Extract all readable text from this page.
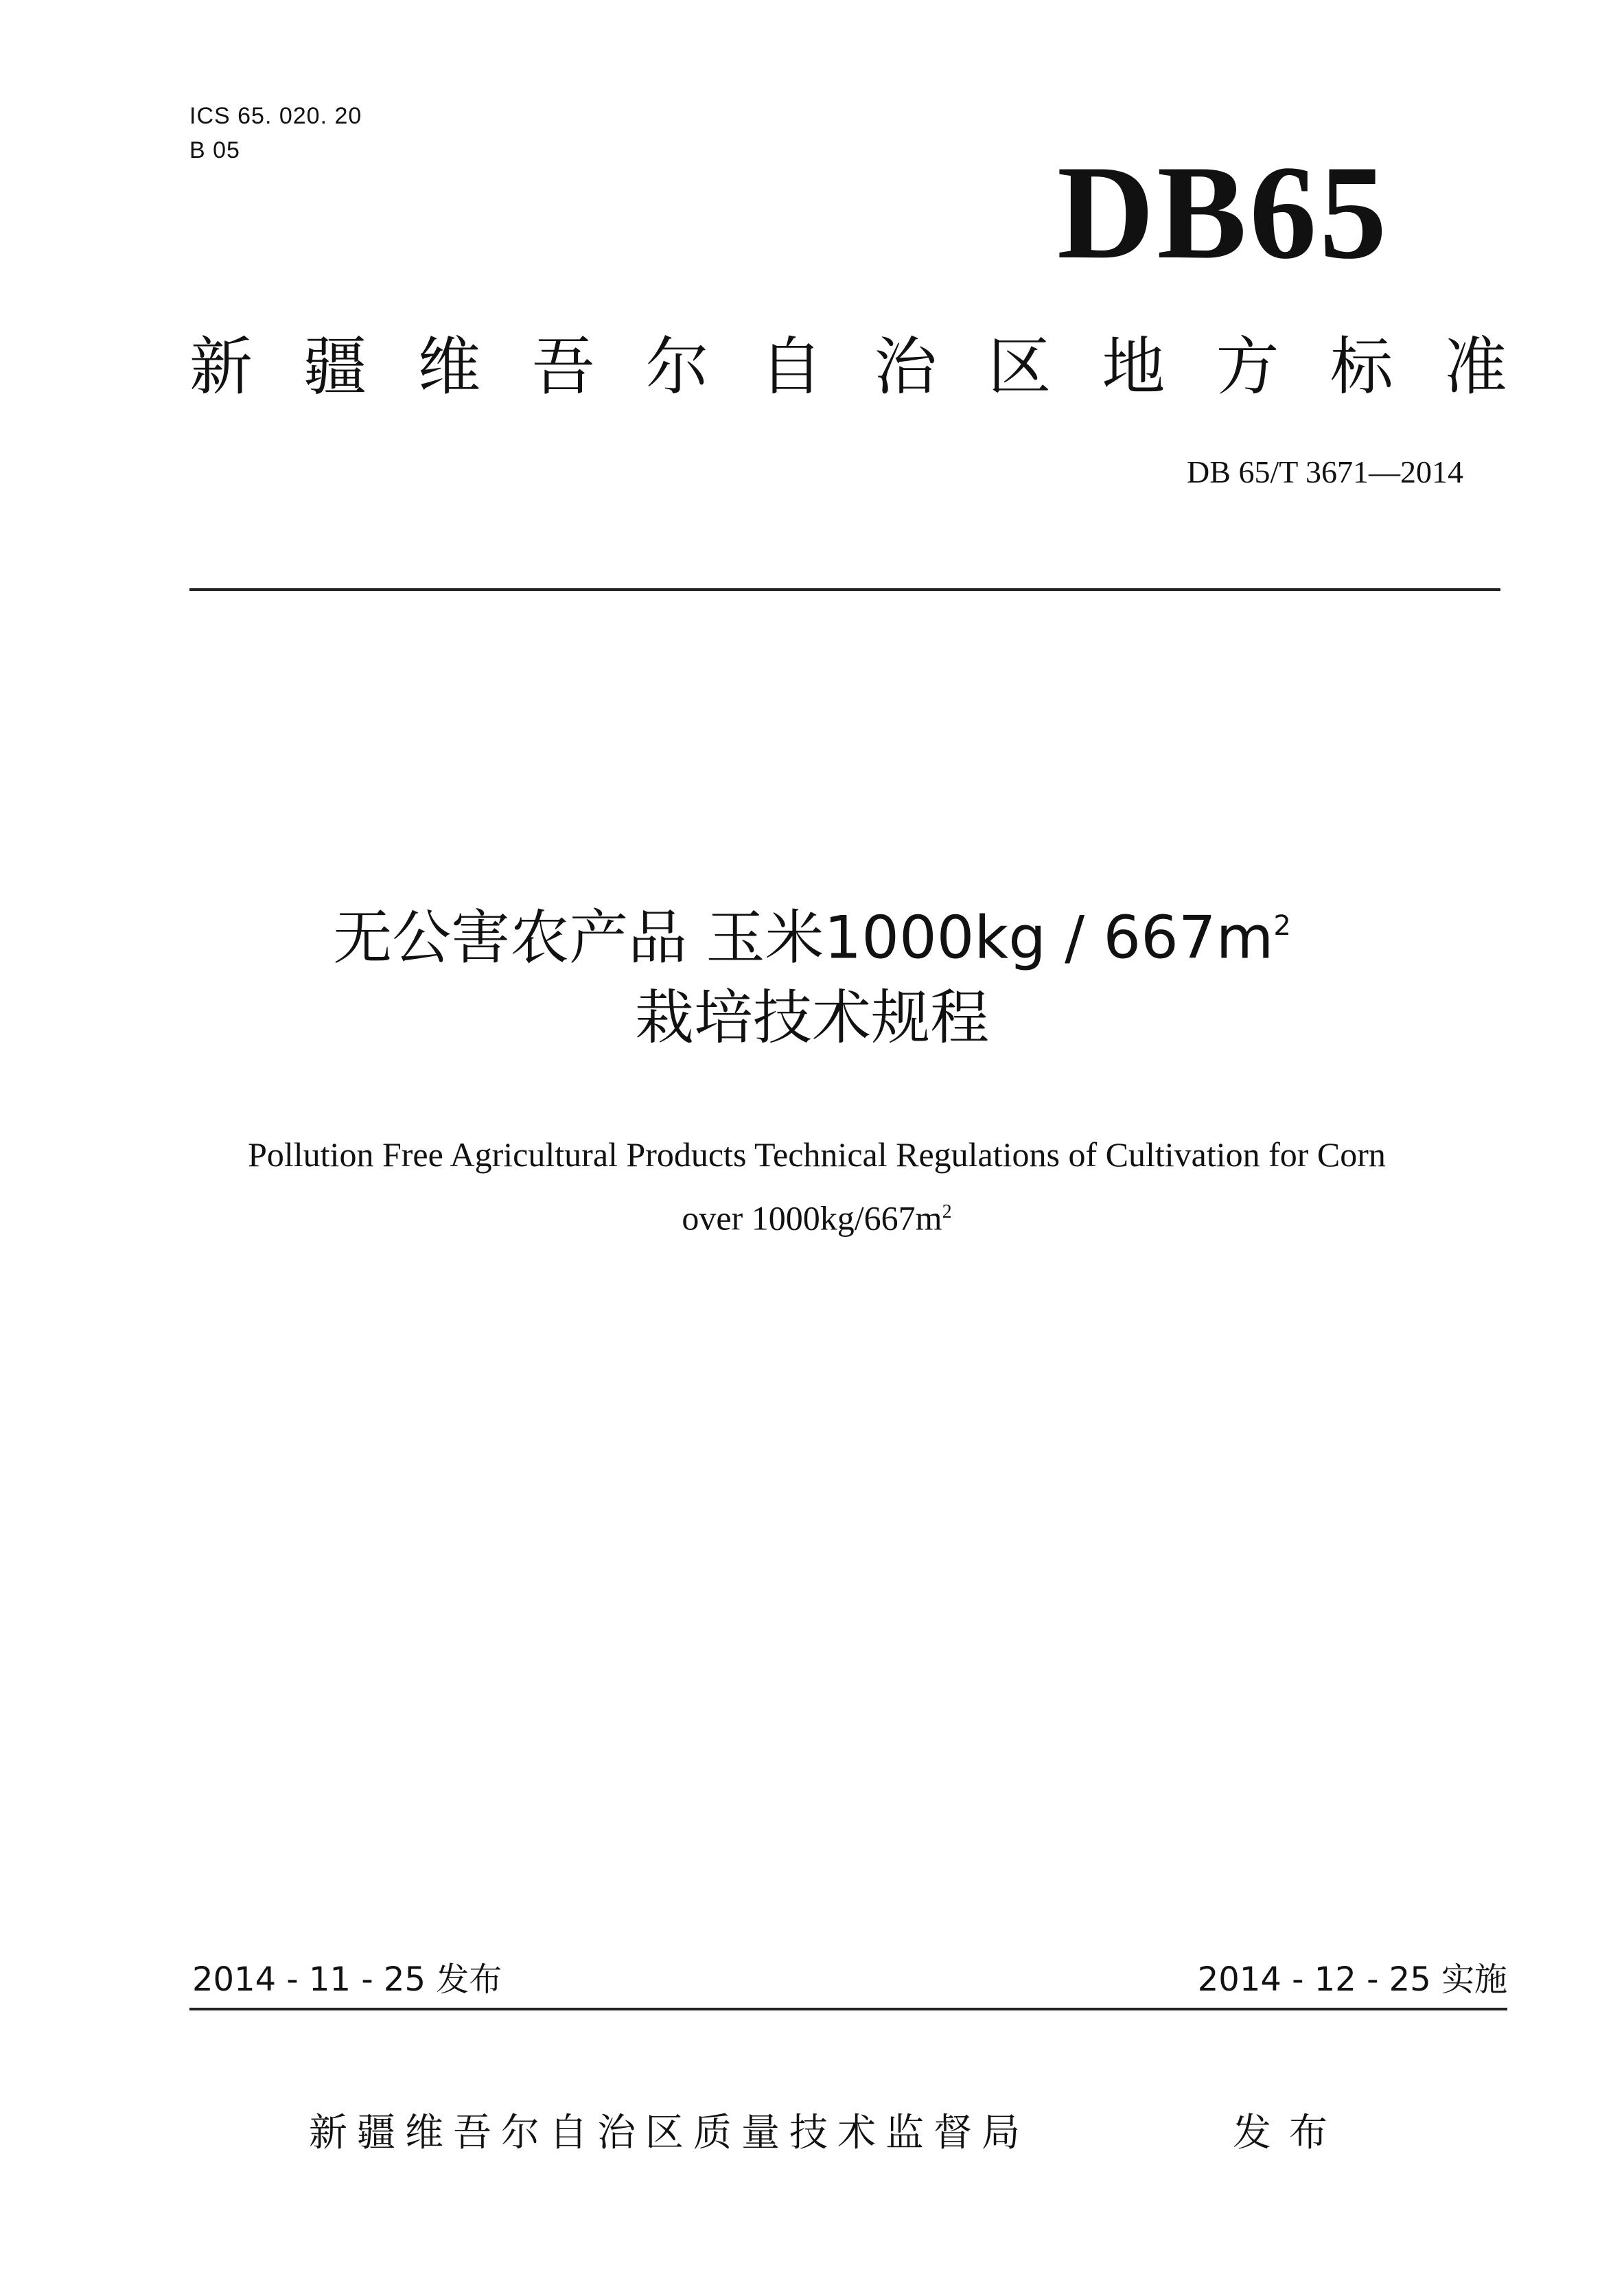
ICS 65. 020. 20
B 05	DB65
新 疆 维 吾 尔 自 治 区 地 方 标 准
DB 65/T 3671—2014
无公害农产品 玉米$1000kg / 667m^2$
栽培技术规程
Pollution Free Agricultural Products Technical Regulations of Cultivation for Corn
over $1000kg/667m^2$
2014 - 11 - 25 发布	2014 - 12 - 25 实施
新疆维吾尔自治区质量技术监督局	发布
